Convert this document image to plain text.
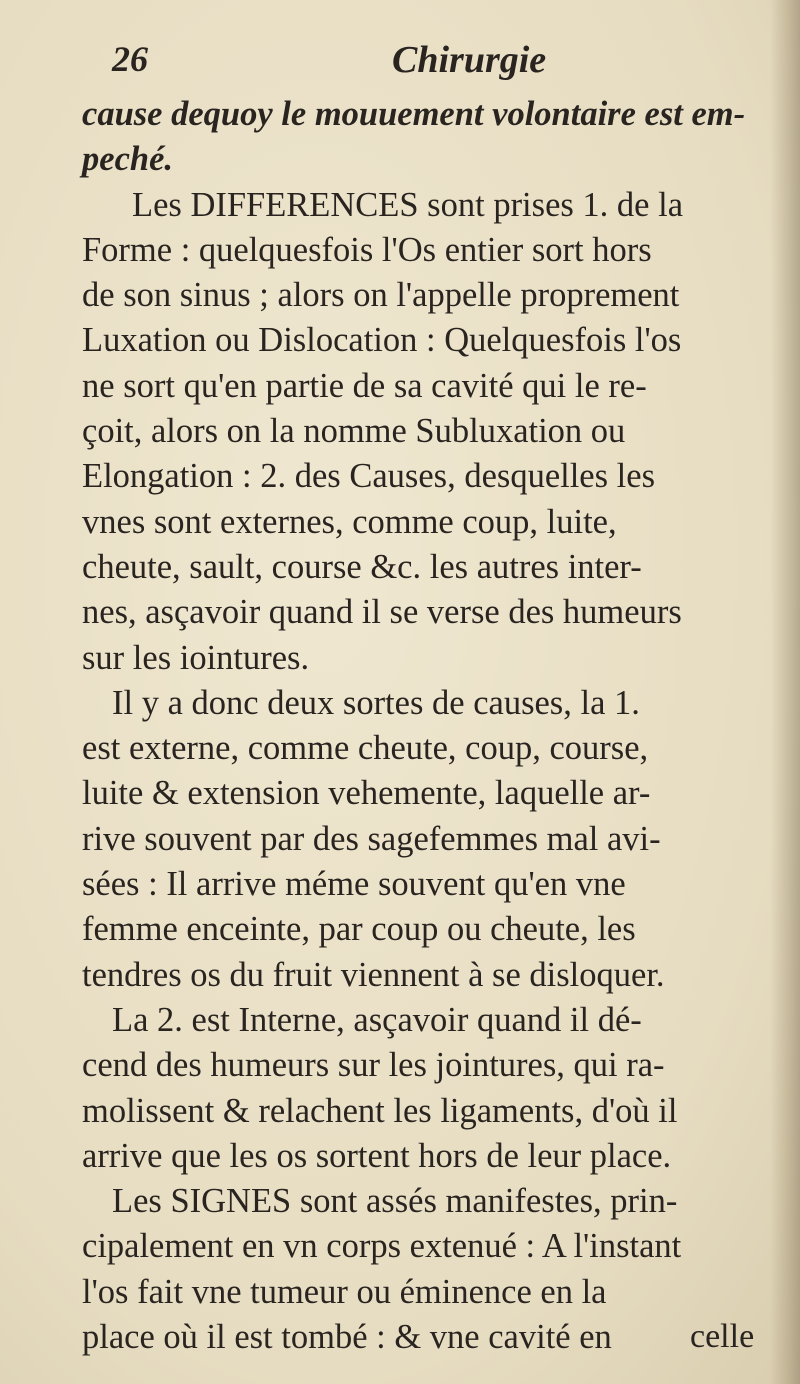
26	Chirurgie
cause dequoy le mouuement volontaire est em-
peché.
Les DIFFERENCES sont prises 1. de la
Forme : quelquesfois l'Os entier sort hors
de son sinus ; alors on l'appelle proprement
Luxation ou Dislocation : Quelquesfois l'os
ne sort qu'en partie de sa cavité qui le re-
çoit, alors on la nomme Subluxation ou
Elongation : 2. des Causes, desquelles les
vnes sont externes, comme coup, luite,
cheute, sault, course &c. les autres inter-
nes, asçavoir quand il se verse des humeurs
sur les iointures.
Il y a donc deux sortes de causes, la 1.
est externe, comme cheute, coup, course,
luite & extension vehemente, laquelle ar-
rive souvent par des sagefemmes mal avi-
sées : Il arrive méme souvent qu'en vne
femme enceinte, par coup ou cheute, les
tendres os du fruit viennent à se disloquer.
La 2. est Interne, asçavoir quand il dé-
cend des humeurs sur les jointures, qui ra-
molissent & relachent les ligaments, d'où il
arrive que les os sortent hors de leur place.
Les SIGNES sont assés manifestes, prin-
cipalement en vn corps extenué : A l'instant
l'os fait vne tumeur ou éminence en la
place où il est tombé : & vne cavité en	celle
